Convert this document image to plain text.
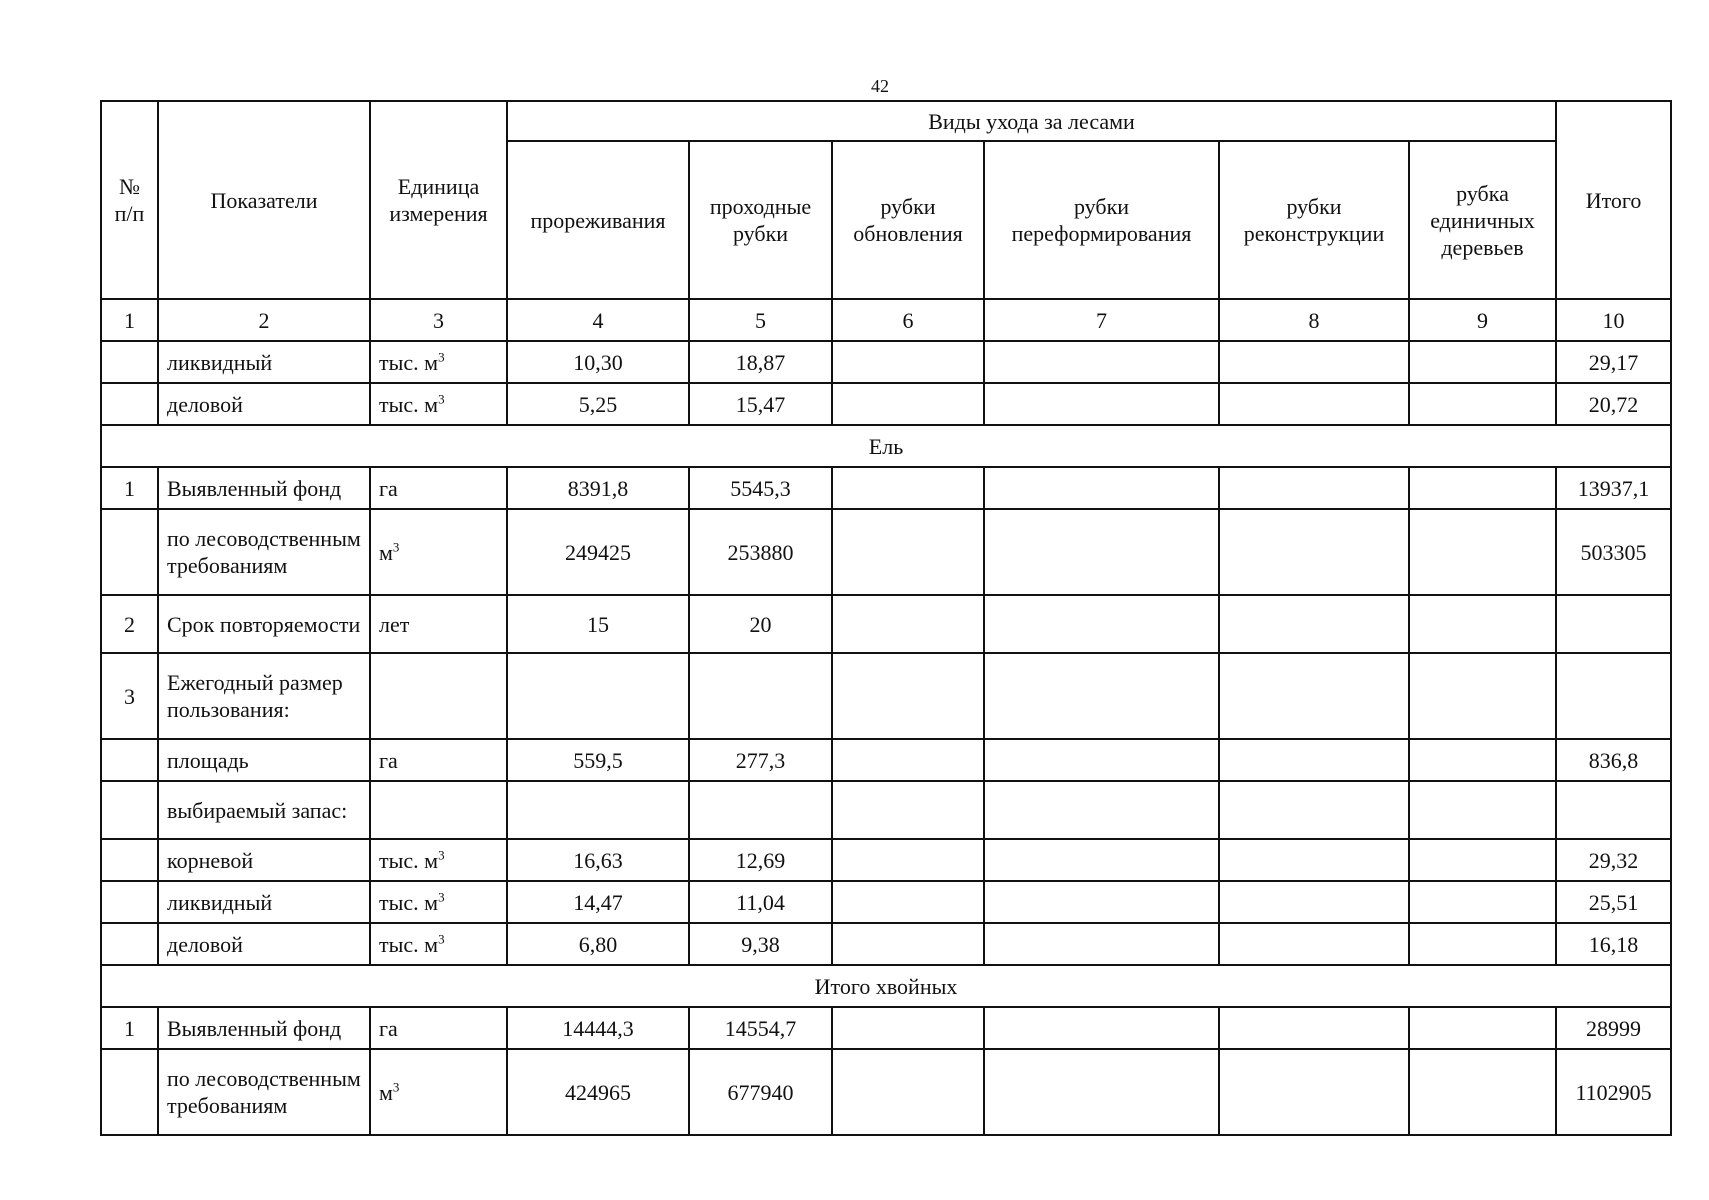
42
№ п/п	Показатели	Единица измерения	Виды ухода за лесами						Итого
			прореживания	проходные рубки	рубки обновления	рубки переформирования	рубки реконструкции	рубка единичных деревьев	
1	2	3	4	5	6	7	8	9	10
	ликвидный	тыс. $м^3$	10,30	18,87					29,17
	деловой	тыс. $м^3$	5,25	15,47					20,72
Ель									
1	Выявленный фонд	га	8391,8	5545,3					13937,1
	по лесоводственным требованиям	$м^3$	249425	253880					503305
2	Срок повторяемости	лет	15	20					
3	Ежегодный размер пользования:								
	площадь	га	559,5	277,3					836,8
	выбираемый запас:								
	корневой	тыс. $м^3$	16,63	12,69					29,32
	ликвидный	тыс. $м^3$	14,47	11,04					25,51
	деловой	тыс. $м^3$	6,80	9,38					16,18
Итого хвойных									
1	Выявленный фонд	га	14444,3	14554,7					28999
	по лесоводственным требованиям	$м^3$	424965	677940					1102905
